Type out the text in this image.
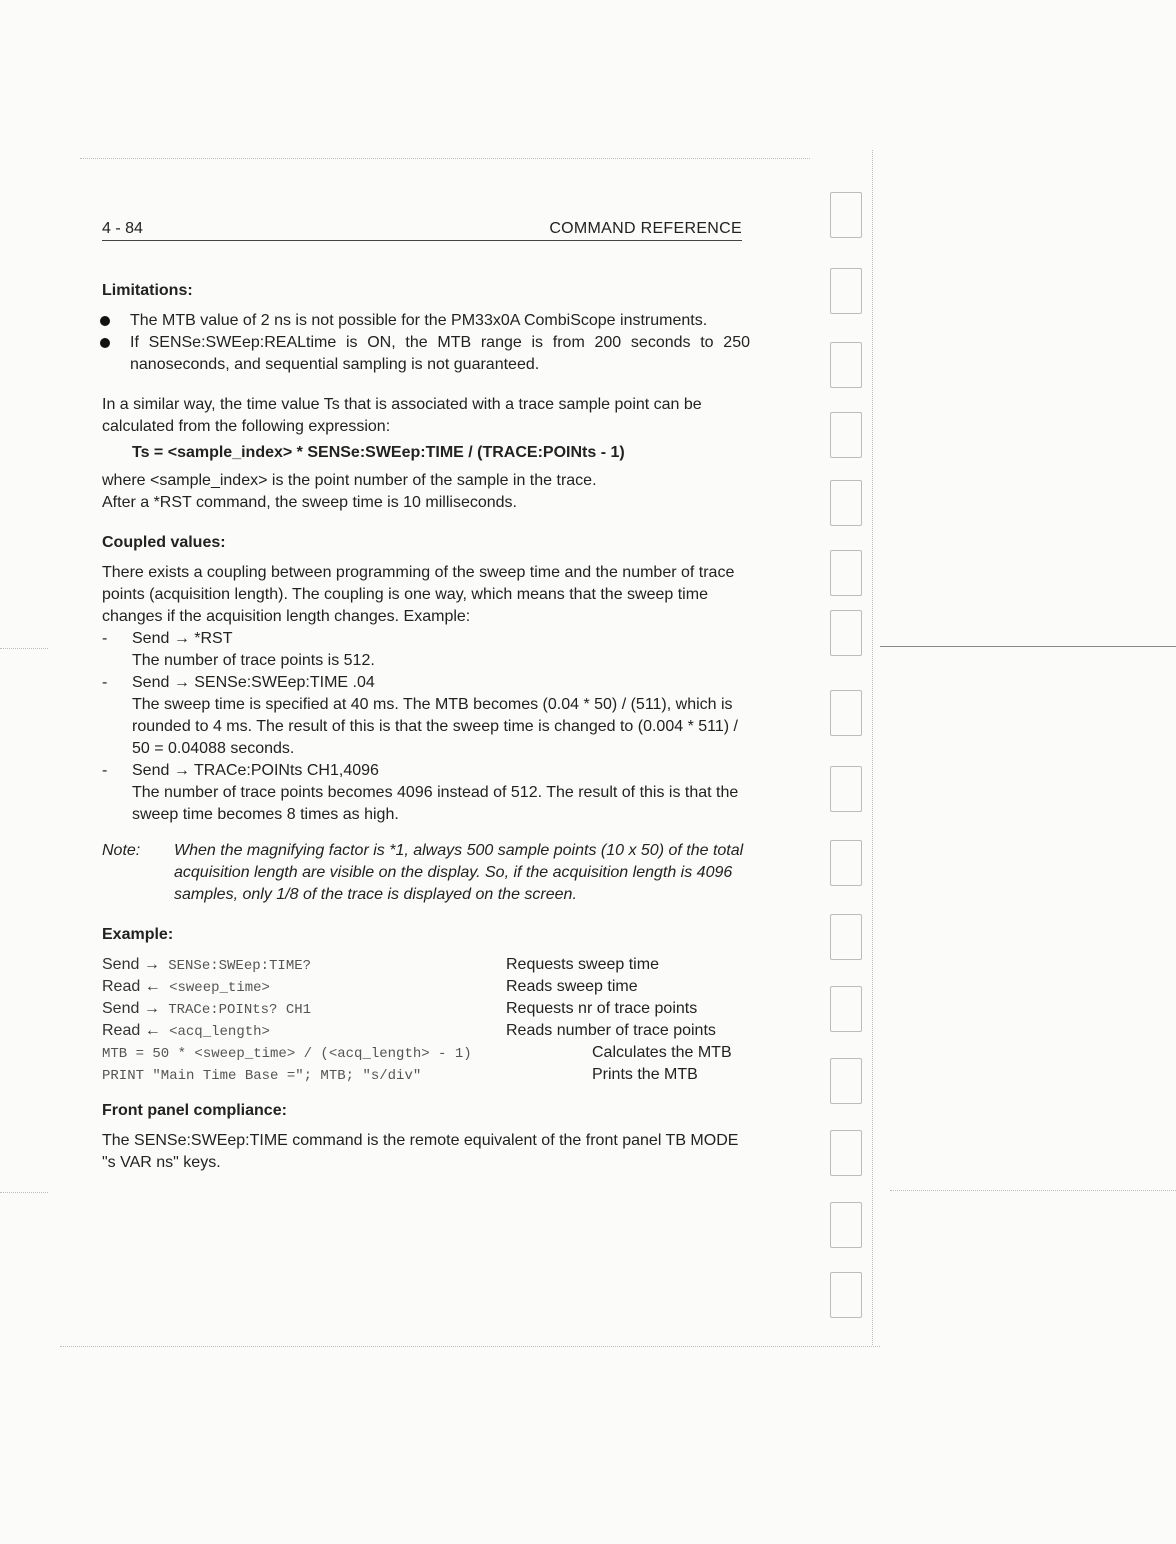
4 - 84	COMMAND REFERENCE
Limitations:
The MTB value of 2 ns is not possible for the PM33x0A CombiScope instruments.
If SENSe:SWEep:REALtime is ON, the MTB range is from 200 seconds to 250 nanoseconds, and sequential sampling is not guaranteed.

In a similar way, the time value Ts that is associated with a trace sample point can be calculated from the following expression:

Ts = <sample_index> * SENSe:SWEep:TIME / (TRACE:POINts - 1)

where <sample_index> is the point number of the sample in the trace.

After a *RST command, the sweep time is 10 milliseconds.

Coupled values:

There exists a coupling between programming of the sweep time and the number of trace points (acquisition length). The coupling is one way, which means that the sweep time changes if the acquisition length changes. Example:

- Send → *RST
The number of trace points is 512.
- Send → SENSe:SWEep:TIME .04
The sweep time is specified at 40 ms. The MTB becomes (0.04 * 50) / (511), which is rounded to 4 ms. The result of this is that the sweep time is changed to (0.004 * 511) / 50 = 0.04088 seconds.
- Send → TRACe:POINts CH1,4096
The number of trace points becomes 4096 instead of 512. The result of this is that the sweep time becomes 8 times as high.
Note:	When the magnifying factor is *1, always 500 sample points (10 x 50) of the total acquisition length are visible on the display. So, if the acquisition length is 4096 samples, only 1/8 of the trace is displayed on the screen.
Example:
Send → SENSe:SWEep:TIME?	Requests sweep time
Read ← <sweep_time>	Reads sweep time
Send → TRACe:POINts? CH1	Requests nr of trace points
Read ← <acq_length>	Reads number of trace points
MTB = 50 * <sweep_time> / (<acq_length> - 1)	Calculates the MTB
PRINT "Main Time Base ="; MTB; "s/div"	Prints the MTB
Front panel compliance:

The SENSe:SWEep:TIME command is the remote equivalent of the front panel TB MODE "s VAR ns" keys.
